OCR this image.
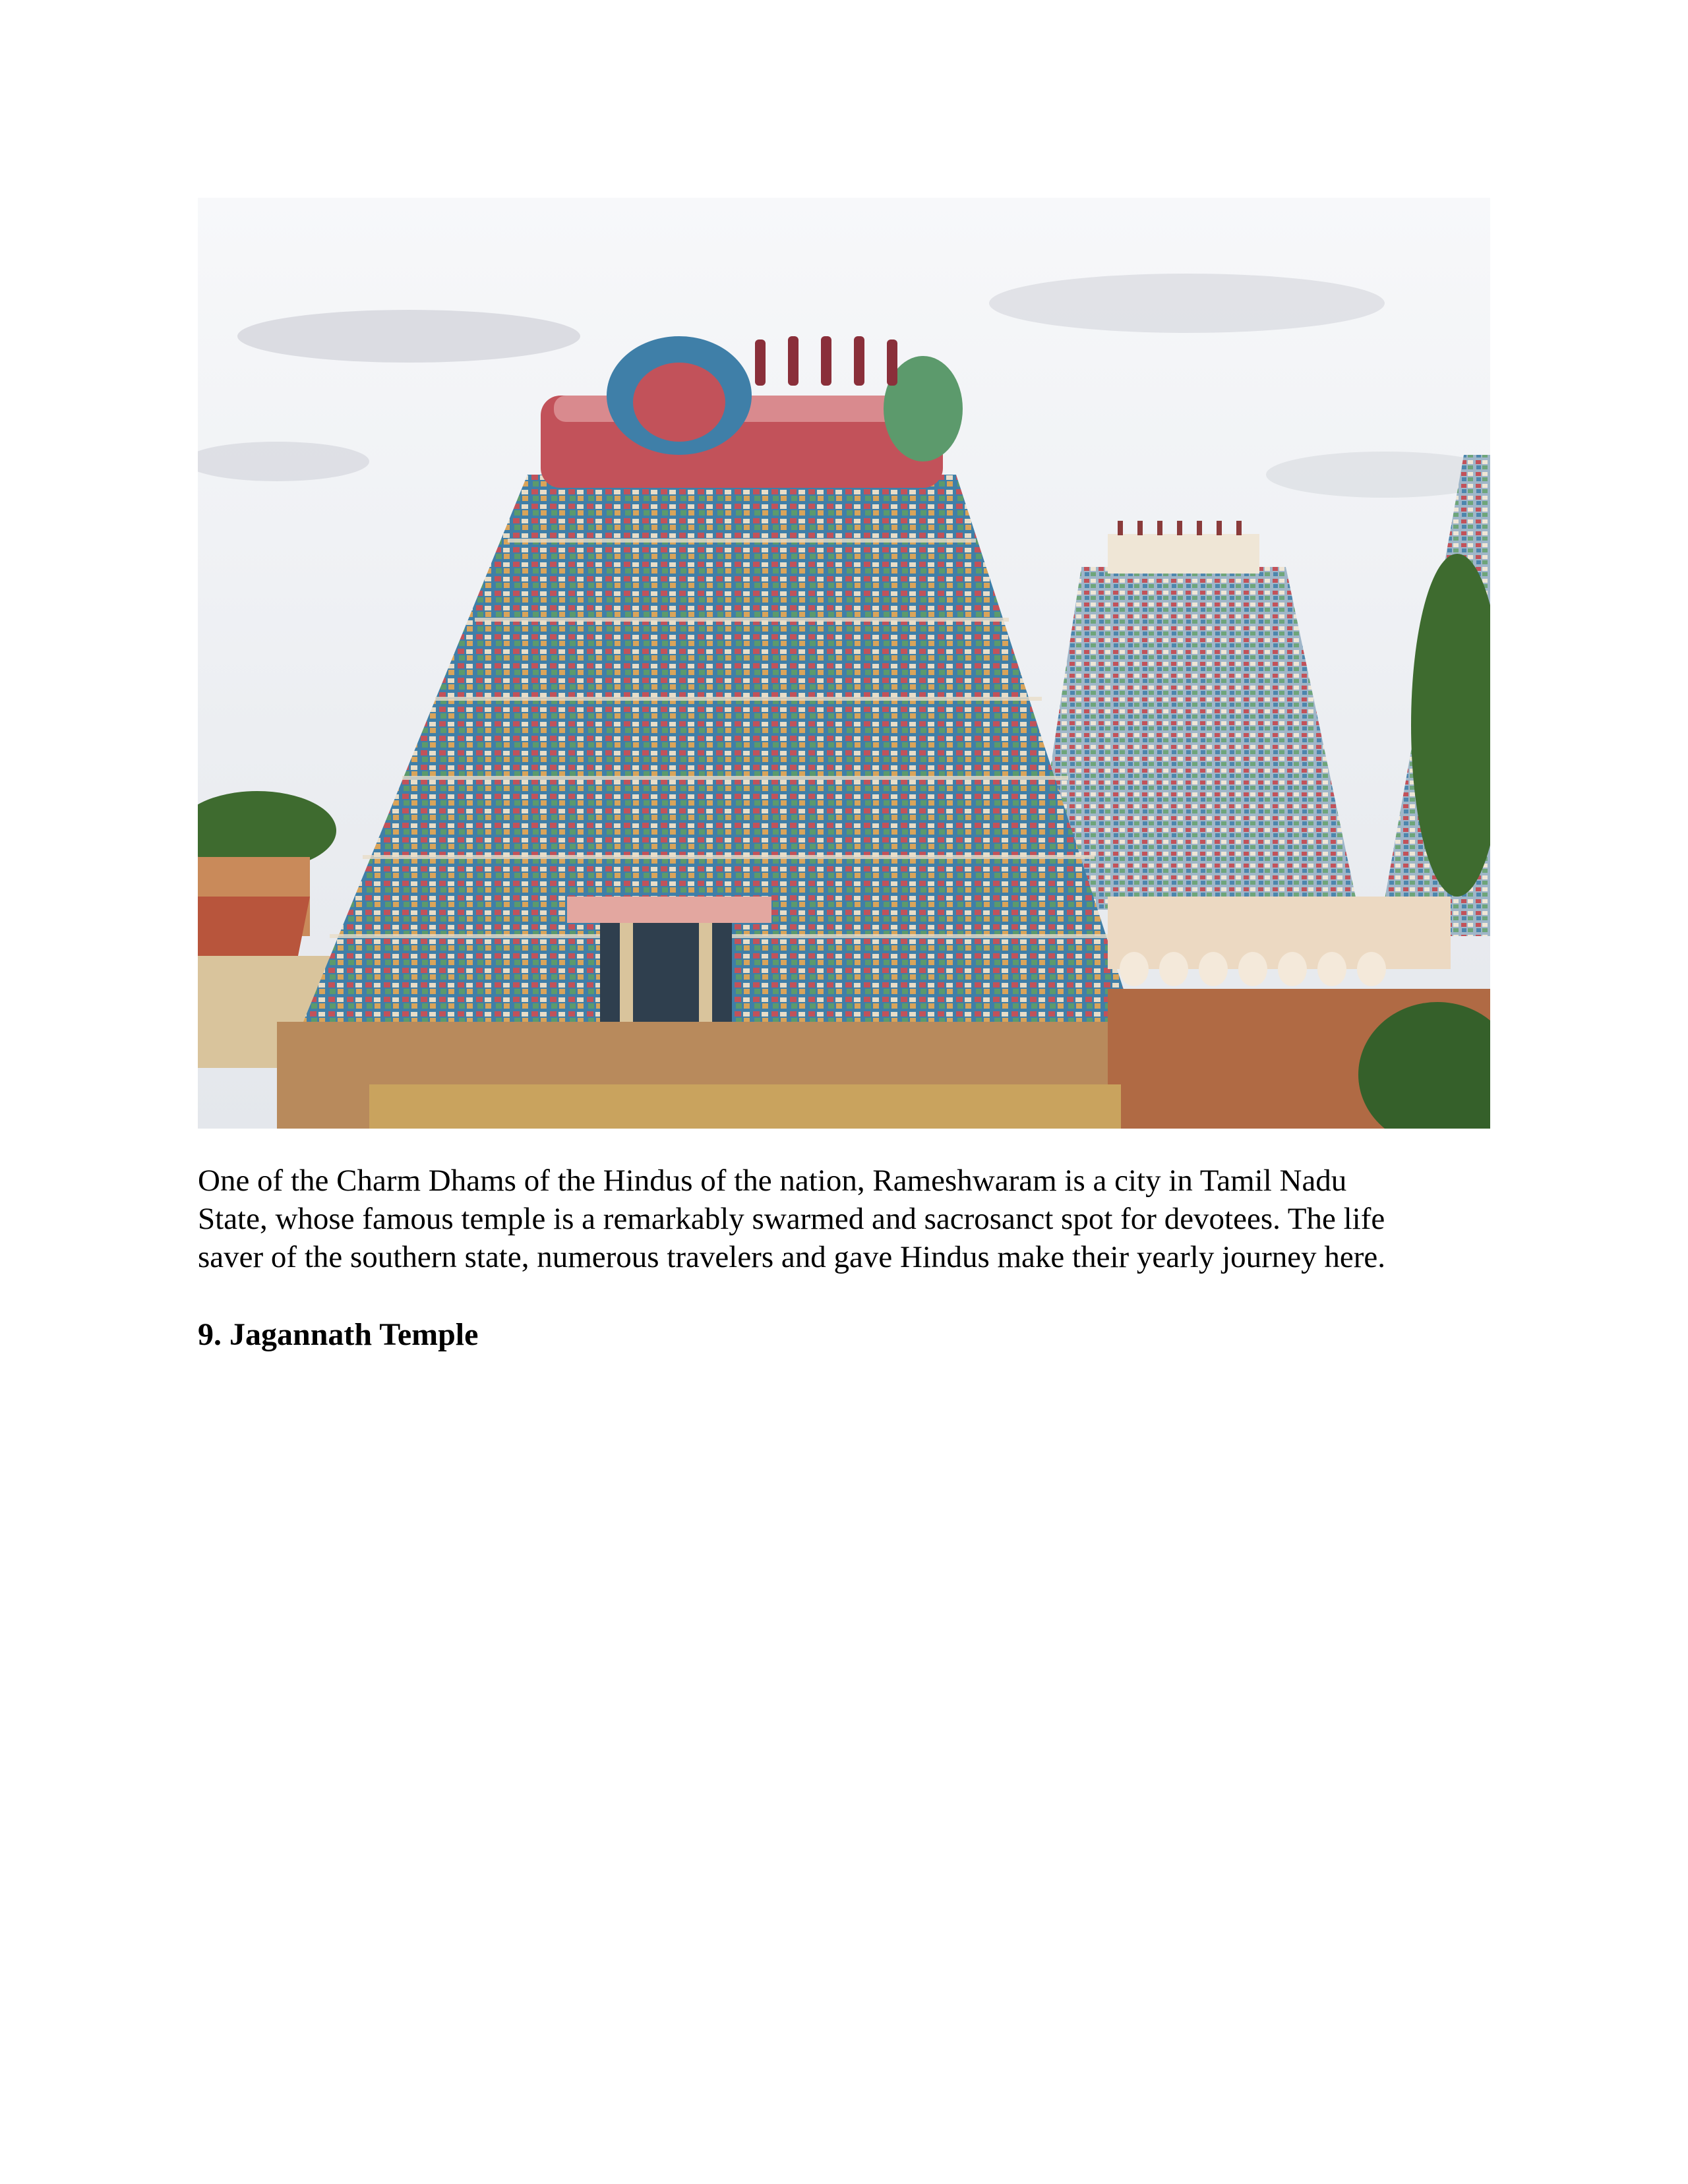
One of the Charm Dhams of the Hindus of the nation, Rameshwaram is a city in Tamil Nadu
State, whose famous temple is a remarkably swarmed and sacrosanct spot for devotees. The life
saver of the southern state, numerous travelers and gave Hindus make their yearly journey here.

9. Jagannath Temple
